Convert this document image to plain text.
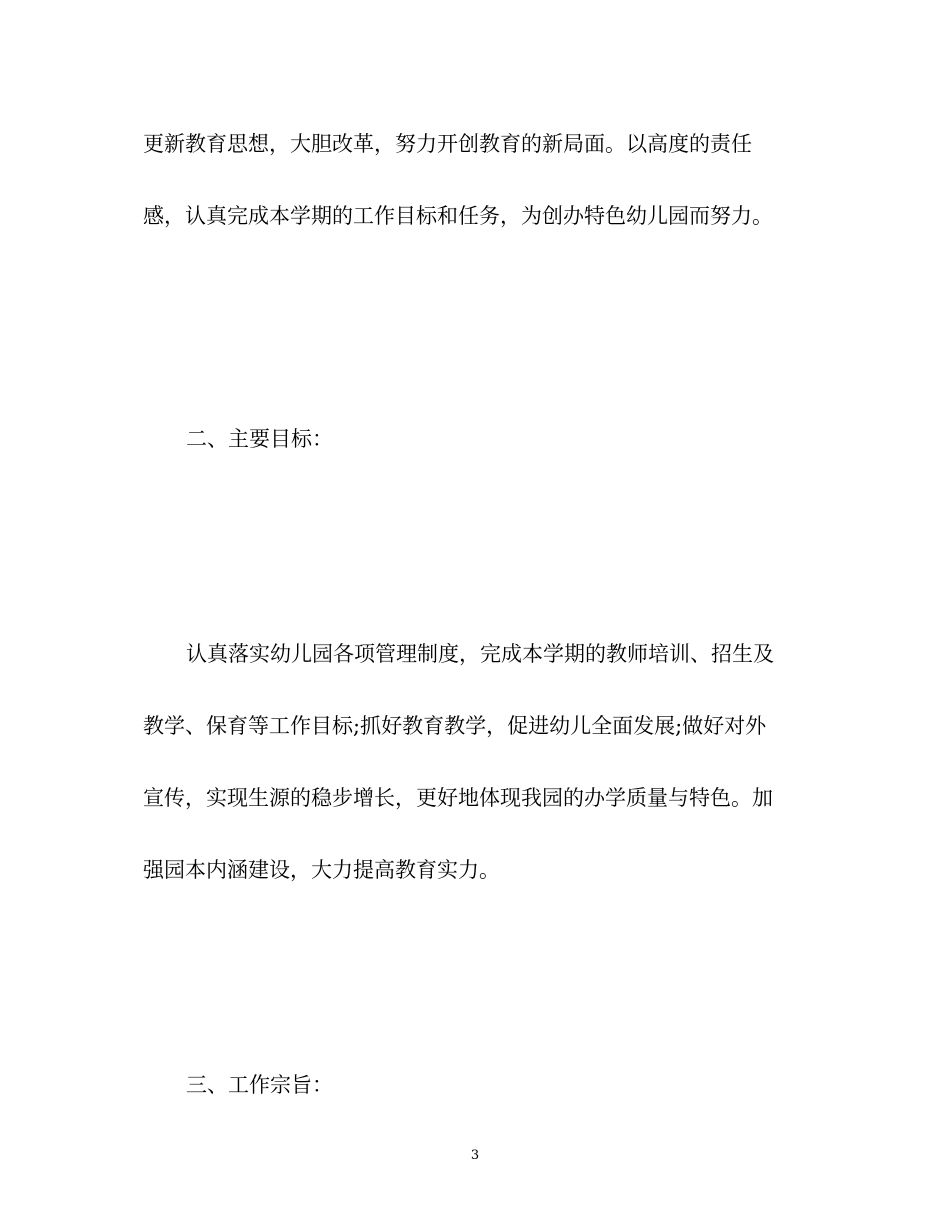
更新教育思想，大胆改革，努力开创教育的新局面。以高度的责任
感，认真完成本学期的工作目标和任务，为创办特色幼儿园而努力。
二、主要目标：
认真落实幼儿园各项管理制度，完成本学期的教师培训、招生及
教学、保育等工作目标;抓好教育教学，促进幼儿全面发展;做好对外
宣传，实现生源的稳步增长，更好地体现我园的办学质量与特色。加
强园本内涵建设，大力提高教育实力。
三、工作宗旨：
3
